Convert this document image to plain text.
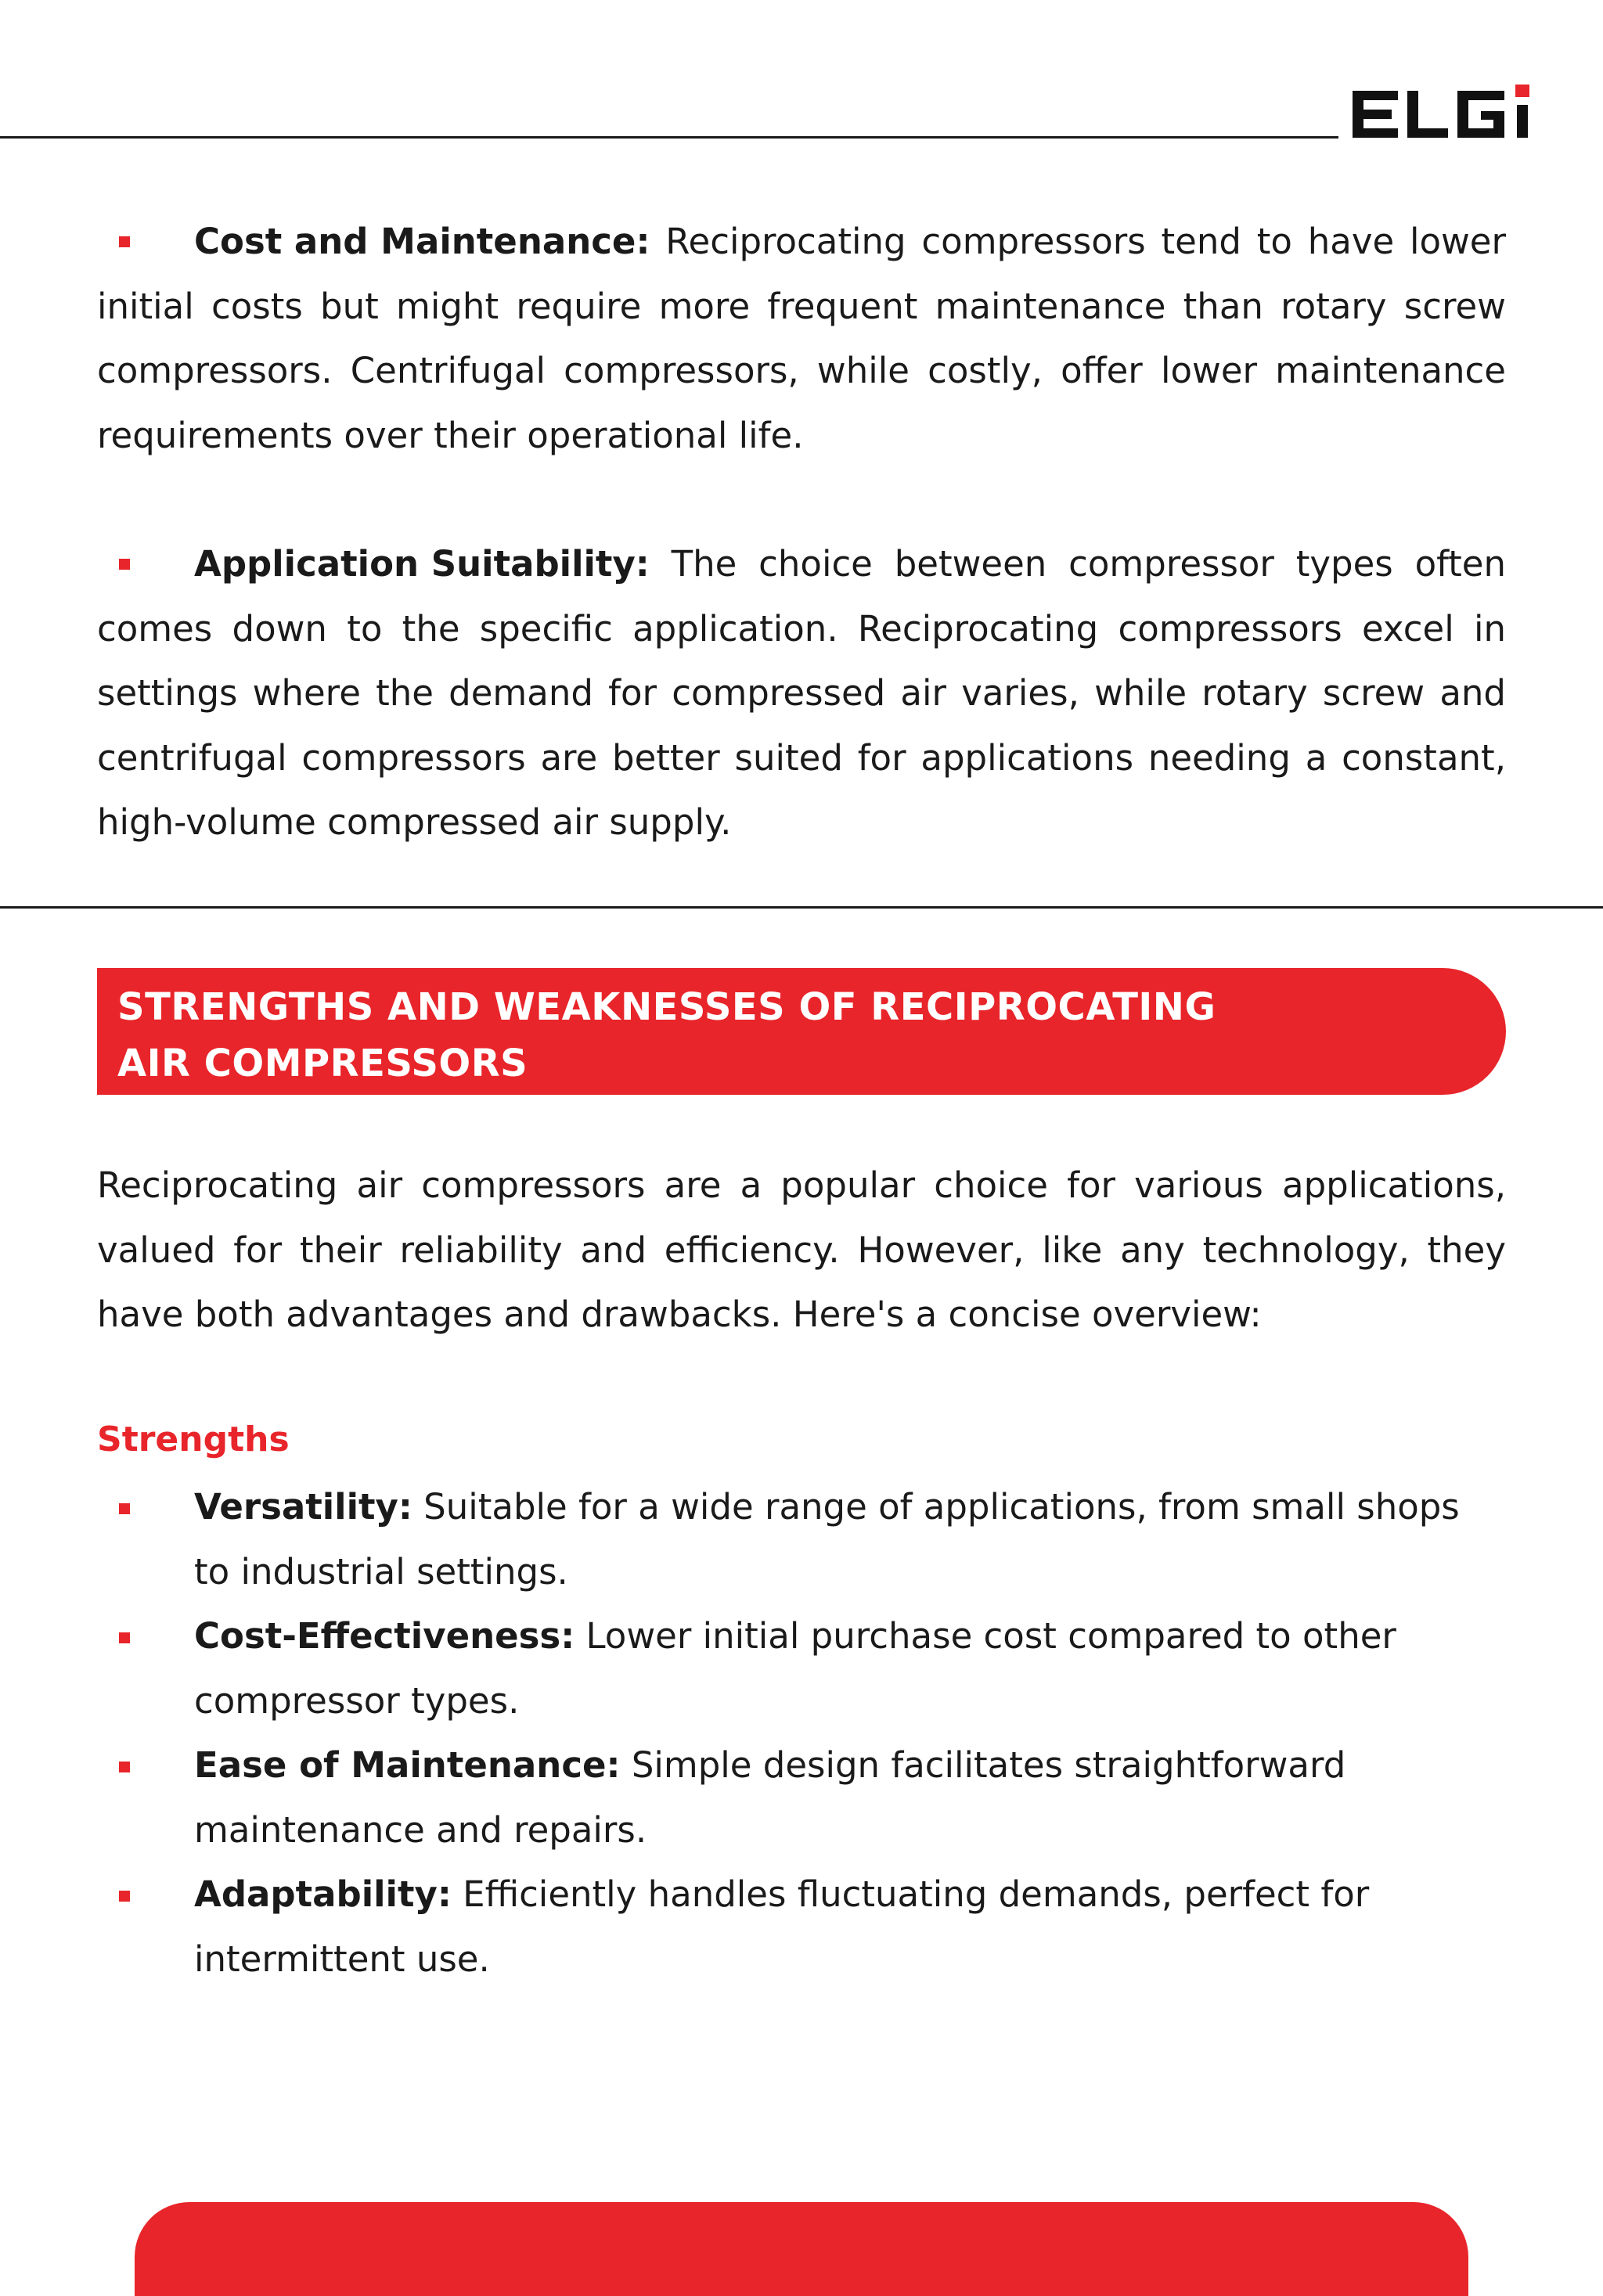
Cost and Maintenance: Reciprocating compressors tend to have lower initial costs but might require more frequent maintenance than rotary screw compressors. Centrifugal compressors, while costly, offer lower maintenance requirements over their operational life.
Application Suitability: The choice between compressor types often comes down to the specific application. Reciprocating compressors excel in settings where the demand for compressed air varies, while rotary screw and centrifugal compressors are better suited for applications needing a constant, high-volume compressed air supply.
STRENGTHS AND WEAKNESSES OF RECIPROCATING
AIR COMPRESSORS
Reciprocating air compressors are a popular choice for various applications, valued for their reliability and efficiency. However, like any technology, they have both advantages and drawbacks. Here's a concise overview:
Strengths
Versatility: Suitable for a wide range of applications, from small shops to industrial settings.
Cost-Effectiveness: Lower initial purchase cost compared to other compressor types.
Ease of Maintenance: Simple design facilitates straightforward maintenance and repairs.
Adaptability: Efficiently handles fluctuating demands, perfect for intermittent use.
